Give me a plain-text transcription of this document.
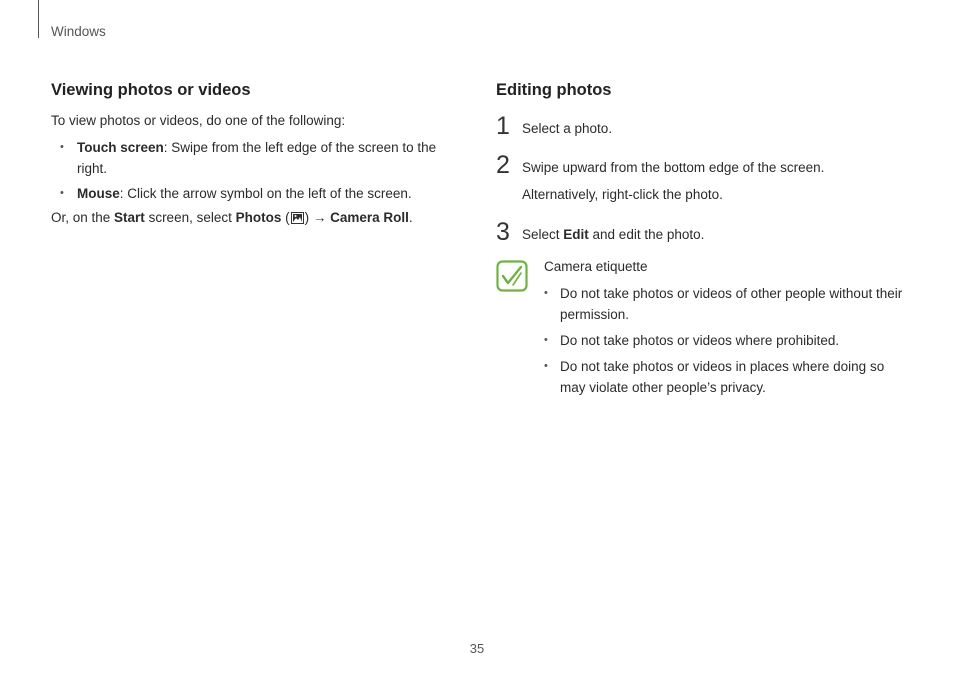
Windows
Viewing photos or videos

To view photos or videos, do one of the following:

• Touch screen: Swipe from the left edge of the screen to the right.
• Mouse: Click the arrow symbol on the left of the screen.

Or, on the Start screen, select Photos ( ) → Camera Roll.

Editing photos
1 Select a photo.
2 Swipe upward from the bottom edge of the screen.
Alternatively, right-click the photo.
3 Select Edit and edit the photo.
Camera etiquette
• Do not take photos or videos of other people without their permission.
• Do not take photos or videos where prohibited.
• Do not take photos or videos in places where doing so may violate other people’s privacy.
35
